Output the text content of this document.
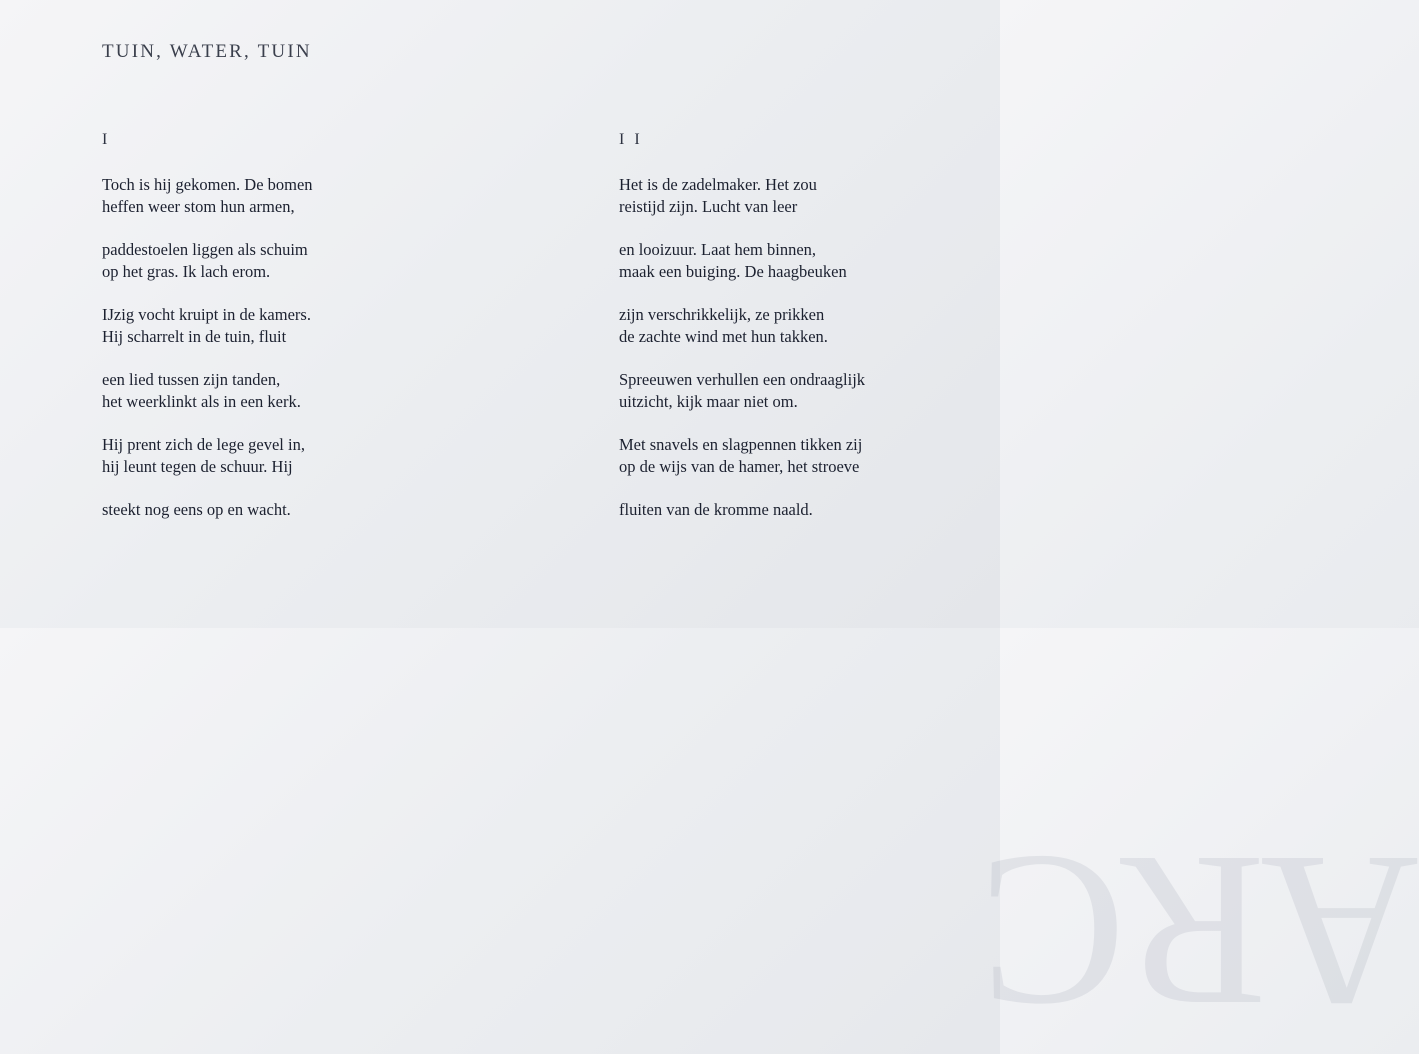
ARC
TUIN, WATER, TUIN
I
Toch is hij gekomen. De bomen
heffen weer stom hun armen,
paddestoelen liggen als schuim
op het gras. Ik lach erom.
IJzig vocht kruipt in de kamers.
Hij scharrelt in de tuin, fluit
een lied tussen zijn tanden,
het weerklinkt als in een kerk.
Hij prent zich de lege gevel in,
hij leunt tegen de schuur. Hij
steekt nog eens op en wacht.
I I
Het is de zadelmaker. Het zou
reistijd zijn. Lucht van leer
en looizuur. Laat hem binnen,
maak een buiging. De haagbeuken
zijn verschrikkelijk, ze prikken
de zachte wind met hun takken.
Spreeuwen verhullen een ondraaglijk
uitzicht, kijk maar niet om.
Met snavels en slagpennen tikken zij
op de wijs van de hamer, het stroeve
fluiten van de kromme naald.
